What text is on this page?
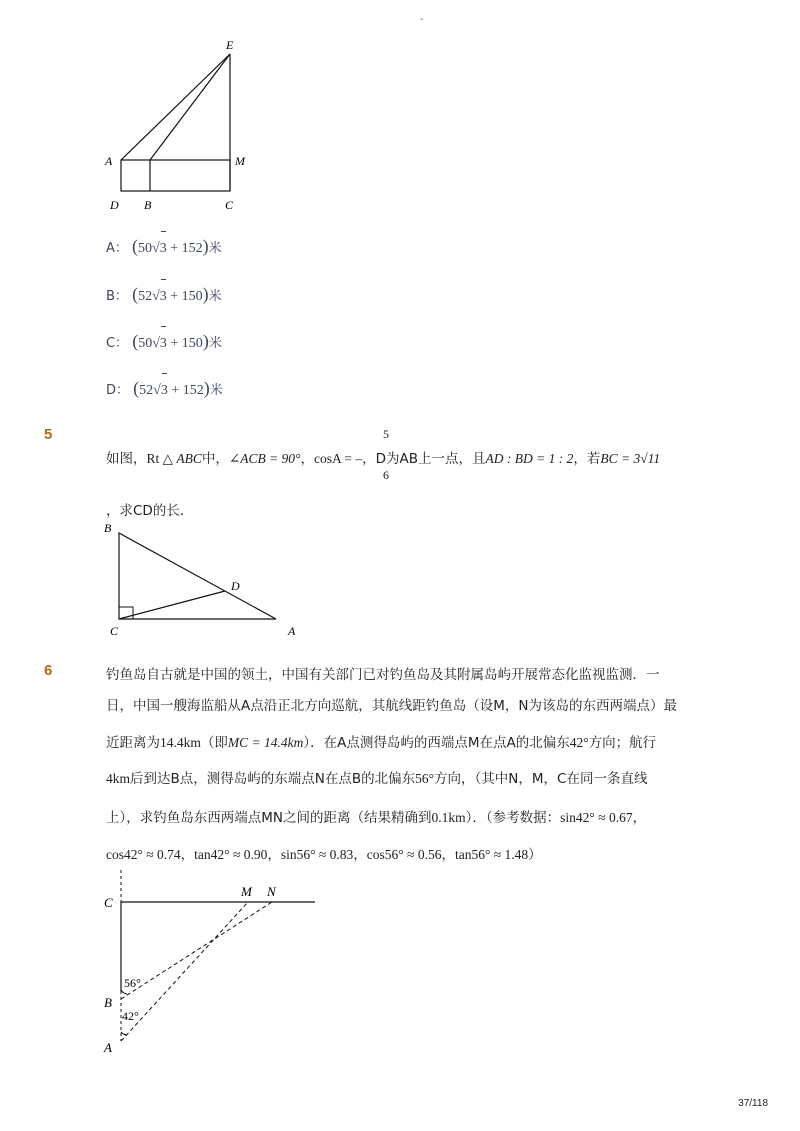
-
E
A	M
D B	C
A： (50√3 + 152)米
B： (52√3 + 150)米
C： (50√3 + 150)米
D： (52√3 + 152)米
5	5
6
如图，Rt △ ABC中，∠ACB = 90°，cosA = –，D为AB上一点，且AD : BD = 1 : 2，若BC = 3√11
，求CD的长．
B
D
C	A
6	钓鱼岛自古就是中国的领土，中国有关部门已对钓鱼岛及其附属岛屿开展常态化监视监测．一
日，中国一艘海监船从A点沿正北方向巡航，其航线距钓鱼岛（设M，N为该岛的东西两端点）最
近距离为14.4km（即MC = 14.4km）．在A点测得岛屿的西端点M在点A的北偏东42°方向；航行
4km后到达B点，测得岛屿的东端点N在点B的北偏东56°方向，（其中N，M，C在同一条直线
上），求钓鱼岛东西两端点MN之间的距离（结果精确到0.1km）．（参考数据：sin42° ≈ 0.67，
cos42° ≈ 0.74，tan42° ≈ 0.90，sin56° ≈ 0.83，cos56° ≈ 0.56，tan56° ≈ 1.48）
C
M N
B
A
56°
42°
37/118
